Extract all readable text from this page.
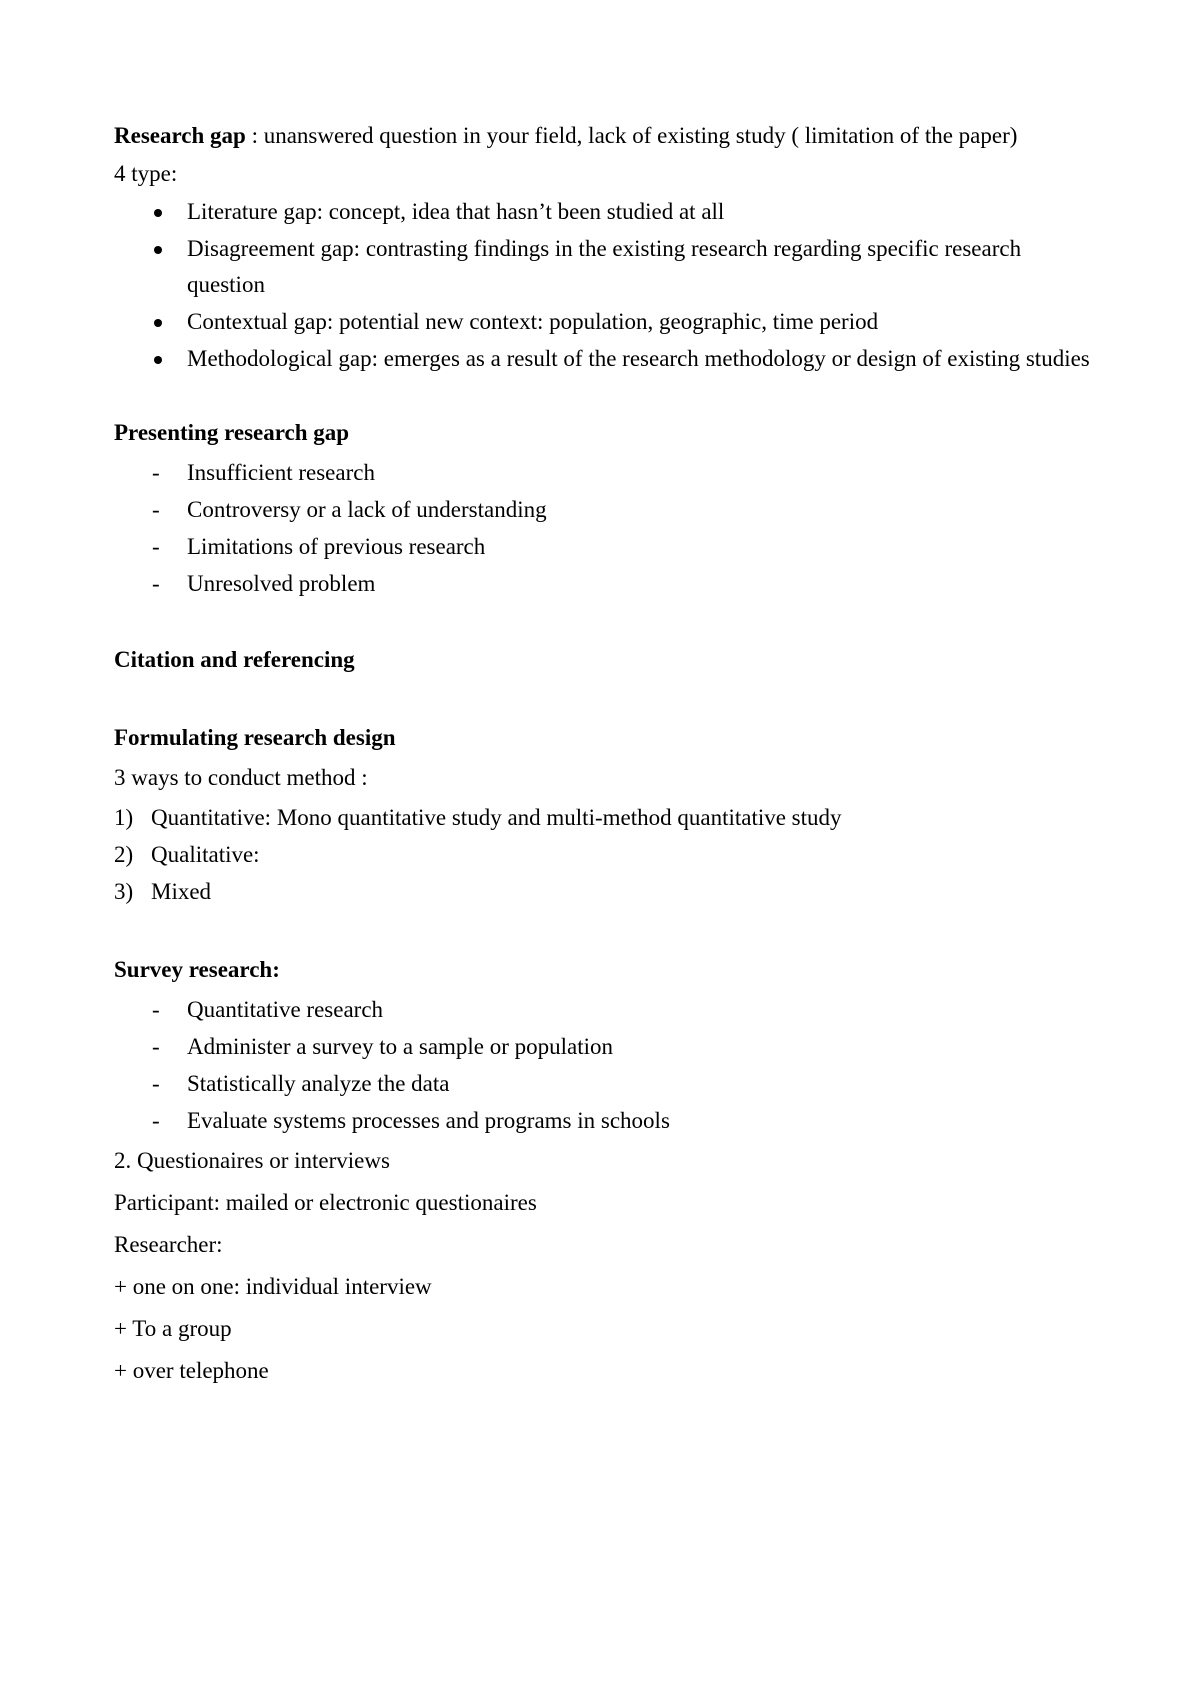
Research gap : unanswered question in your field, lack of existing study ( limitation of the paper)

4 type:

Literature gap: concept, idea that hasn’t been studied at all
Disagreement gap: contrasting findings in the existing research regarding specific research question
Contextual gap: potential new context: population, geographic, time period
Methodological gap: emerges as a result of the research methodology or design of existing studies

Presenting research gap

- Insufficient research
- Controversy or a lack of understanding
- Limitations of previous research
- Unresolved problem

Citation and referencing

Formulating research design

3 ways to conduct method :

1) Quantitative: Mono quantitative study and multi-method quantitative study
2) Qualitative:
3) Mixed

Survey research:

- Quantitative research
- Administer a survey to a sample or population
- Statistically analyze the data
- Evaluate systems processes and programs in schools

2. Questionaires or interviews

Participant: mailed or electronic questionaires

Researcher:

+ one on one: individual interview

+ To a group

+ over telephone
